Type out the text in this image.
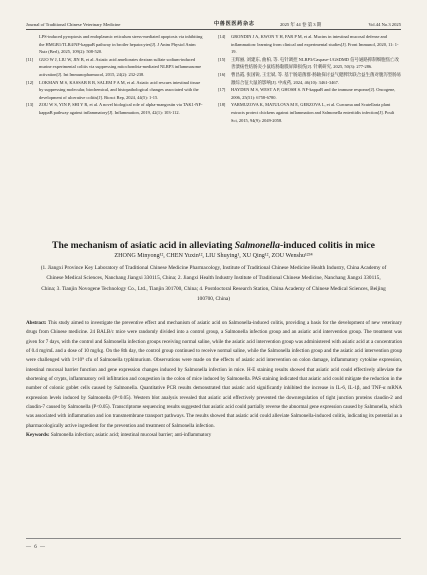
Journal of Traditional Chinese Veterinary Medicine	中兽医医药杂志	2025 年 44 卷 第 3 期	Vol.44 No.3 2025
LPS-induced pyroptosis and endoplasmic reticulum stress-mediated apoptosis via inhibiting the HMGB1/TLR4/NF-kappaB pathway in broiler hepatocytes[J]. J Anim Physiol Anim Nutr (Berl), 2025, 109(2): 508-520.
[11]	GUO W J, LIU W, JIN B, et al. Asiatic acid ameliorates dextran sulfate sodium-induced murine experimental colitis via suppressing mitochondria-mediated NLRP3 inflammasome activation[J]. Int Immunopharmacol, 2015, 24(2): 232-238.
[12]	LOKMAN M S, KASSAB R B, SALEM F A M, et al. Asiatic acid rescues intestinal tissue by suppressing molecular, biochemical, and histopathological changes associated with the development of ulcerative colitis[J]. Biosci Rep, 2024, 44(5): 1-15.
[13]	ZOU W S, YIN P, SHI Y R, et al. A novel biological role of alpha-mangostin via TAK1-NF-kappaB pathway against inflammatory[J]. Inflammation, 2019, 42(1): 103-112.
[14]	GRONDIN J A, KWON Y H, FAR P M, et al. Mucins in intestinal mucosal defense and inflammation: learning from clinical and experimental studies[J]. Front Immunol, 2020, 11: 1-19.
[15]	王辉丽, 刘建东, 曲柏, 等. 屯针调控 NLRP3/Caspase-1/GSDMD 信号通路抑制细胞焦亡改善溃疡性结肠炎小鼠结肠黏膜屏障损伤[J]. 针刺研究, 2025, 50(3): 277-286.
[16]	曹昌霞, 张国锐, 王宏斌, 等. 基于肠道菌群-肠轴探讨益气健脾饮联合益生菌对腹泻型肠易激综合征大鼠的影响[J]. 中成药, 2024, 46(10): 3461-3467.
[17]	HAYDEN M S, WEST A P, GHOSH S. NF-kappaB and the immune response[J]. Oncogene, 2006, 25(51): 6758-6780.
[18]	YARMUZOVA K, MATULOVA M E, GERZOVA L, et al. Curcuma and Scutellaria plant extracts protect chickens against inflammation and Salmonella enteritidis infection[J]. Poult Sci, 2015, 94(9): 2049-2058.
The mechanism of asiatic acid in alleviating Salmonella-induced colitis in mice
ZHONG Minyong¹², CHEN Yuxin¹², LIU Shuying¹, XU Qing¹², ZOU Wenshu¹²³⁴
(1. Jiangxi Province Key Laboratory of Traditional Chinese Medicine Pharmacology, Institute of Traditional Chinese Medicine Health Industry, China Academy of Chinese Medical Sciences, Nanchang Jiangxi 330115, China; 2. Jiangxi Health Industry Institute of Traditional Chinese Medicine, Nanchang Jiangxi 330115, China; 3. Tianjin Novogene Technology Co., Ltd., Tianjin 301700, China; 4. Postdoctoral Research Station, China Academy of Chinese Medical Sciences, Beijing 100700, China)
Abstract: This study aimed to investigate the preventive effect and mechanism of asiatic acid on Salmonella-induced colitis, providing a basis for the development of new veterinary drugs from Chinese medicine. 24 BALB/c mice were randomly divided into a control group, a Salmonella infection group and an asiatic acid intervention group. The treatment was given for 7 days, with the control and Salmonella infection groups receiving normal saline, while the asiatic acid intervention group was administered with asiatic acid at a concentration of 0.4 mg/mL and a dose of 10 mg/kg. On the 8th day, the control group continued to receive normal saline, while the Salmonella infection group and the asiatic acid intervention group were challenged with 1×10⁹ cfu of Salmonella typhimurium. Observations were made on the effects of asiatic acid intervention on colon damage, inflammatory cytokine expression, intestinal mucosal barrier function and gene expression changes induced by Salmonella infection in mice. H-E staining results showed that asiatic acid could effectively alleviate the shortening of crypts, inflammatory cell infiltration and congestion in the colon of mice induced by Salmonella. PAS staining indicated that asiatic acid could mitigate the reduction in the number of colonic goblet cells caused by Salmonella. Quantitative PCR results demonstrated that asiatic acid significantly inhibited the increase in IL-6, IL-1β, and TNF-α mRNA expression levels induced by Salmonella (P<0.05). Western blot analysis revealed that asiatic acid effectively prevented the downregulation of tight junction proteins claudin-2 and claudin-7 caused by Salmonella (P<0.05). Transcriptome sequencing results suggested that asiatic acid could partially reverse the abnormal gene expression caused by Salmonella, which was associated with inflammation and ion transmembrane transport pathways. The results showed that asiatic acid could alleviate Salmonella-induced colitis, indicating its potential as a pharmacologically active ingredient for the prevention and treatment of Salmonella infection.
Keywords: Salmonella infection; asiatic acid; intestinal mucosal barrier; anti-inflammatory
— 6 —
